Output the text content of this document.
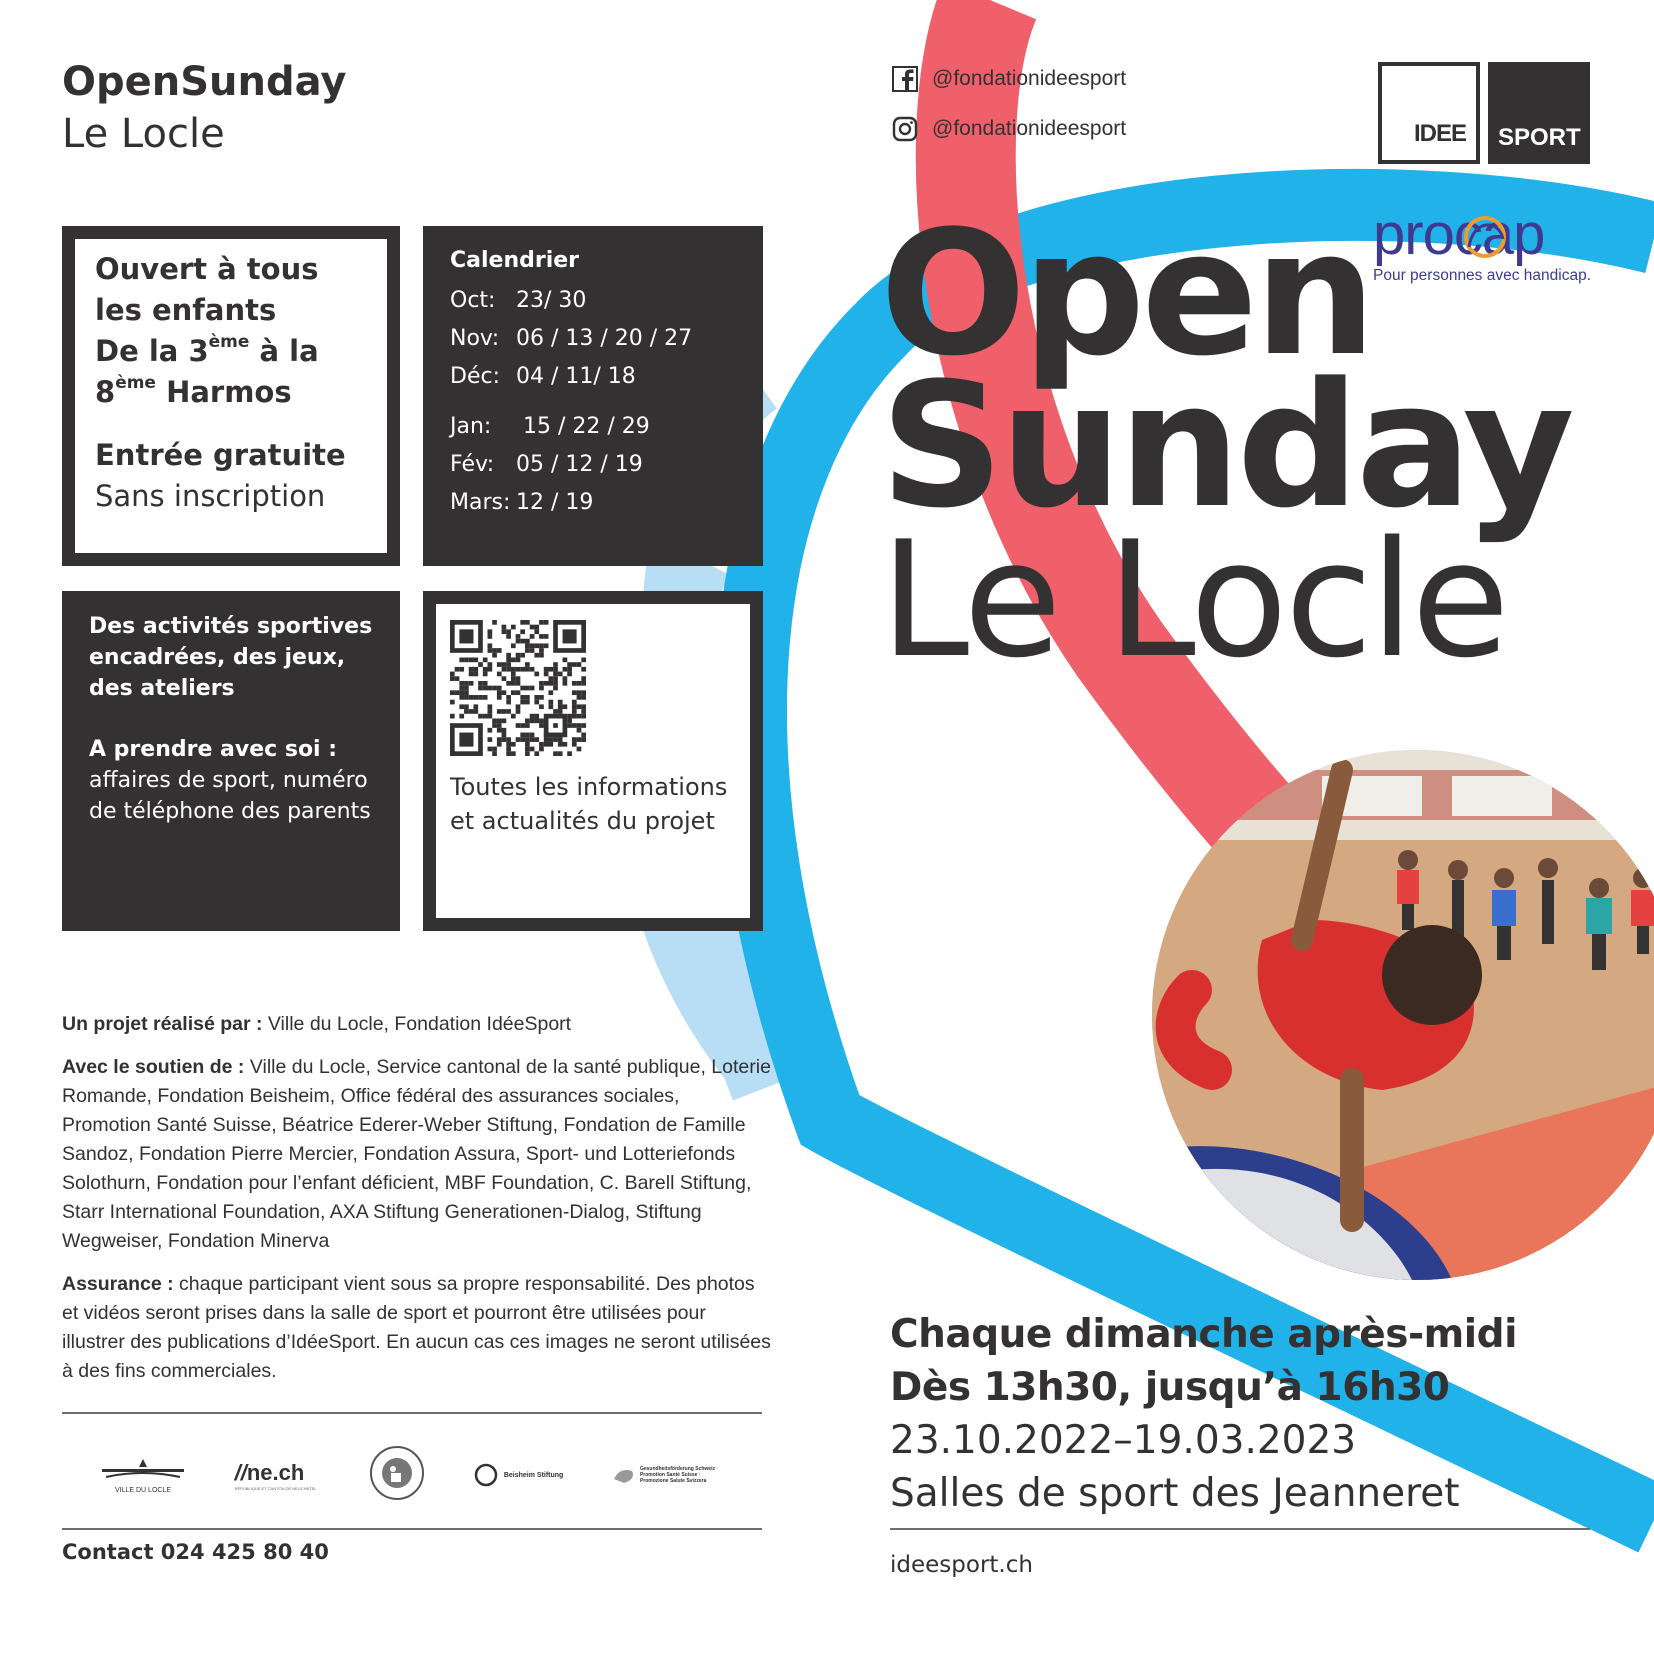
OpenSunday
Le Locle
Ouvert à tous
les enfants
De la 3ème à la
8ème Harmos
Entrée gratuite
Sans inscription
Calendrier
Oct: 23/ 30
Nov: 06 / 13 / 20 / 27
Déc: 04 / 11/ 18
Jan:	15 / 22 / 29
Fév: 05 / 12 / 19
Mars: 12 / 19
Des activités sportives
encadrées, des jeux,
des ateliers
A prendre avec soi :
affaires de sport, numéro
de téléphone des parents
Toutes les informations
et actualités du projet

Un projet réalisé par : Ville du Locle, Fondation IdéeSport

Avec le soutien de : Ville du Locle, Service cantonal de la santé publique, Loterie Romande, Fondation Beisheim, Office fédéral des assurances sociales, Promotion Santé Suisse, Béatrice Ederer-Weber Stiftung, Fondation de Famille Sandoz, Fondation Pierre Mercier, Fondation Assura, Sport- und Lotteriefonds Solothurn, Fondation pour l’enfant déficient, MBF Foundation, C. Barell Stiftung, Starr International Foundation, AXA Stiftung Generationen-Dialog, Stiftung Wegweiser, Fondation Minerva

Assurance : chaque participant vient sous sa propre responsabilité. Des photos et vidéos seront prises dans la salle de sport et pourront être utilisées pour illustrer des publications d’IdéeSport. En aucun cas ces images ne seront utilisées à des fins commerciales.

VILLE DU LOCLE
//ne.ch
RÉPUBLIQUE ET CANTON DE NEUCHÂTEL
Beisheim Stiftung
Gesundheitsförderung Schweiz · Promotion Santé Suisse · Promozione Salute Svizzera
Contact 024 425 80 40
@fondationideesport
@fondationideesport	IDEE SPORT
procap
Pour personnes avec handicap.
Open
Sunday
Le Locle
Chaque dimanche après-midi
Dès 13h30, jusqu’à 16h30
23.10.2022–19.03.2023
Salles de sport des Jeanneret
ideesport.ch
